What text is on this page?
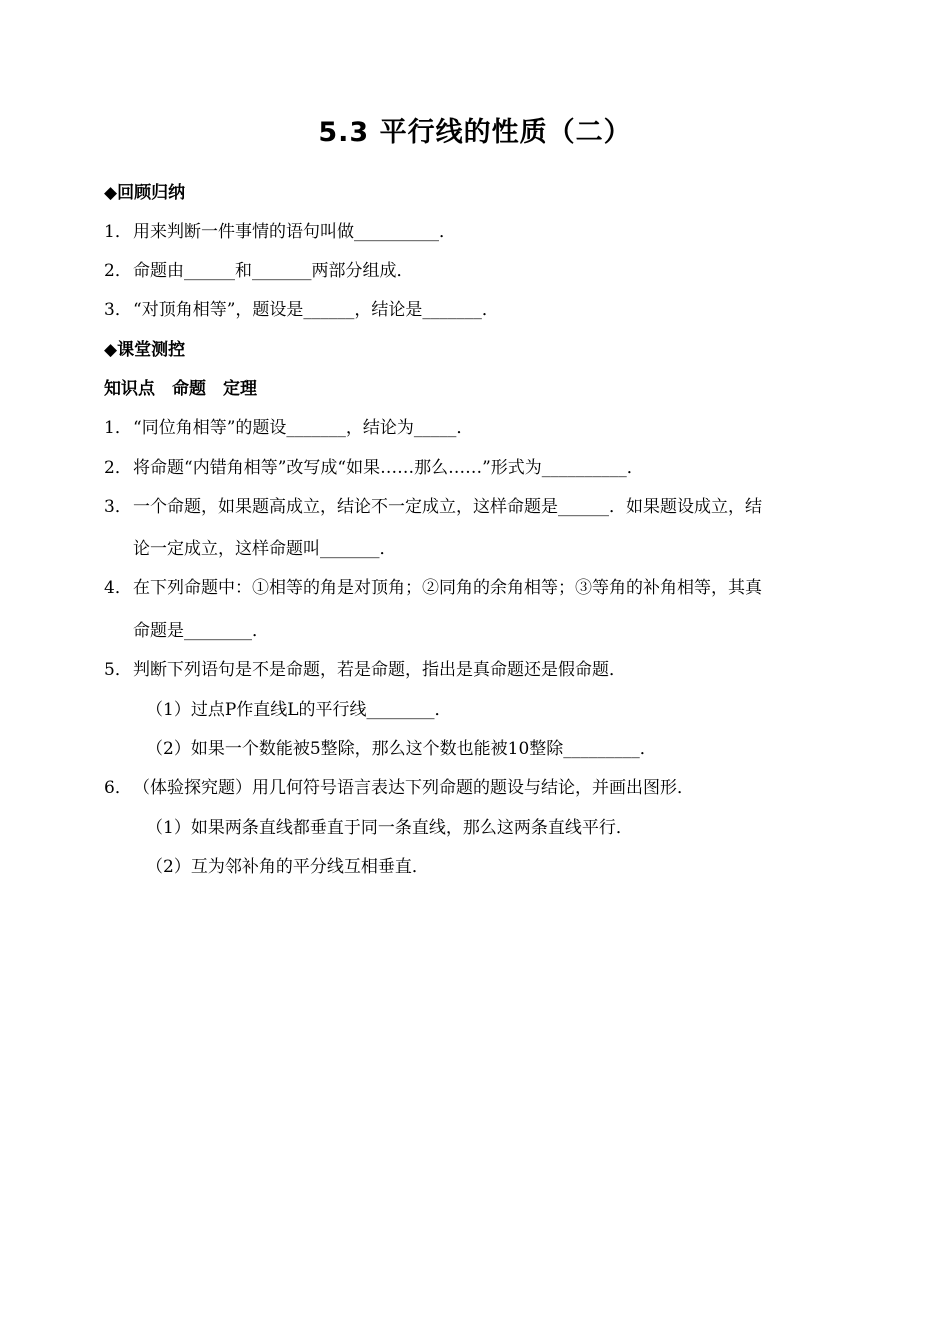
5.3 平行线的性质（二）
◆回顾归纳
1．用来判断一件事情的语句叫做__________．
2．命题由______和_______两部分组成．
3．“对顶角相等”，题设是______，结论是_______．
◆课堂测控
知识点　命题　定理
1．“同位角相等”的题设_______，结论为_____．
2．将命题“内错角相等”改写成“如果……那么……”形式为__________．
3．一个命题，如果题高成立，结论不一定成立，这样命题是______．如果题设成立，结
论一定成立，这样命题叫_______．
4．在下列命题中：①相等的角是对顶角；②同角的余角相等；③等角的补角相等，其真
命题是________．
5．判断下列语句是不是命题，若是命题，指出是真命题还是假命题．
（1）过点P作直线L的平行线________．
（2）如果一个数能被5整除，那么这个数也能被10整除_________．
6．（体验探究题）用几何符号语言表达下列命题的题设与结论，并画出图形．
（1）如果两条直线都垂直于同一条直线，那么这两条直线平行．
（2）互为邻补角的平分线互相垂直．
